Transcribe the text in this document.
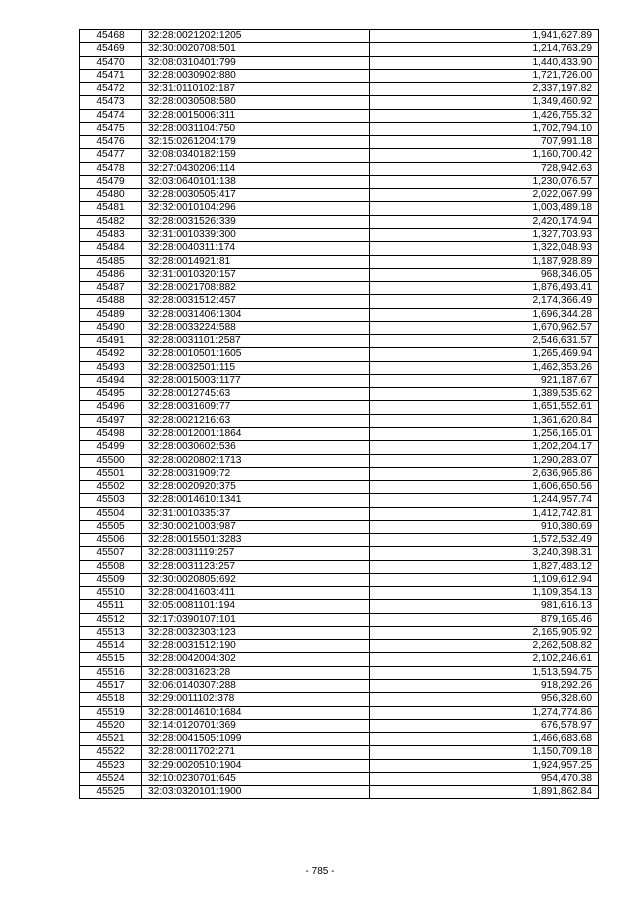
45468	32:28:0021202:1205	1,941,627.89
45469	32:30:0020708:501	1,214,763.29
45470	32:08:0310401:799	1,440,433.90
45471	32:28:0030902:880	1,721,726.00
45472	32:31:0110102:187	2,337,197.82
45473	32:28:0030508:580	1,349,460.92
45474	32:28:0015006:311	1,426,755.32
45475	32:28:0031104:750	1,702,794.10
45476	32:15:0261204:179	707,991.18
45477	32:08:0340182:159	1,160,700.42
45478	32:27:0430206:114	728,942.63
45479	32:03:0640101:138	1,230,076.57
45480	32:28:0030505:417	2,022,067.99
45481	32:32:0010104:296	1,003,489.18
45482	32:28:0031526:339	2,420,174.94
45483	32:31:0010339:300	1,327,703.93
45484	32:28:0040311:174	1,322,048.93
45485	32:28:0014921:81	1,187,928.89
45486	32:31:0010320:157	968,346.05
45487	32:28:0021708:882	1,876,493.41
45488	32:28:0031512:457	2,174,366.49
45489	32:28:0031406:1304	1,696,344.28
45490	32:28:0033224:588	1,670,962.57
45491	32:28:0031101:2587	2,546,631.57
45492	32:28:0010501:1605	1,265,469.94
45493	32:28:0032501:115	1,462,353.26
45494	32:28:0015003:1177	921,187.67
45495	32:28:0012745:63	1,389,535.62
45496	32:28:0031609:77	1,651,552.61
45497	32:28:0021216:63	1,361,620.84
45498	32:28:0012001:1864	1,256,165.01
45499	32:28:0030602:536	1,202,204.17
45500	32:28:0020802:1713	1,290,283.07
45501	32:28:0031909:72	2,636,965.86
45502	32:28:0020920:375	1,606,650.56
45503	32:28:0014610:1341	1,244,957.74
45504	32:31:0010335:37	1,412,742.81
45505	32:30:0021003:987	910,380.69
45506	32:28:0015501:3283	1,572,532.49
45507	32:28:0031119:257	3,240,398.31
45508	32:28:0031123:257	1,827,483.12
45509	32:30:0020805:692	1,109,612.94
45510	32:28:0041603:411	1,109,354.13
45511	32:05:0081101:194	981,616.13
45512	32:17:0390107:101	879,165.46
45513	32:28:0032303:123	2,165,905.92
45514	32:28:0031512:190	2,262,508.82
45515	32:28:0042004:302	2,102,246.61
45516	32:28:0031623:28	1,513,594.75
45517	32:06:0140307:288	918,292.26
45518	32:29:0011102:378	956,328.60
45519	32:28:0014610:1684	1,274,774.86
45520	32:14:0120701:369	676,578.97
45521	32:28:0041505:1099	1,466,683.68
45522	32:28:0011702:271	1,150,709.18
45523	32:29:0020510:1904	1,924,957.25
45524	32:10:0230701:645	954,470.38
45525	32:03:0320101:1900	1,891,862.84
- 785 -
